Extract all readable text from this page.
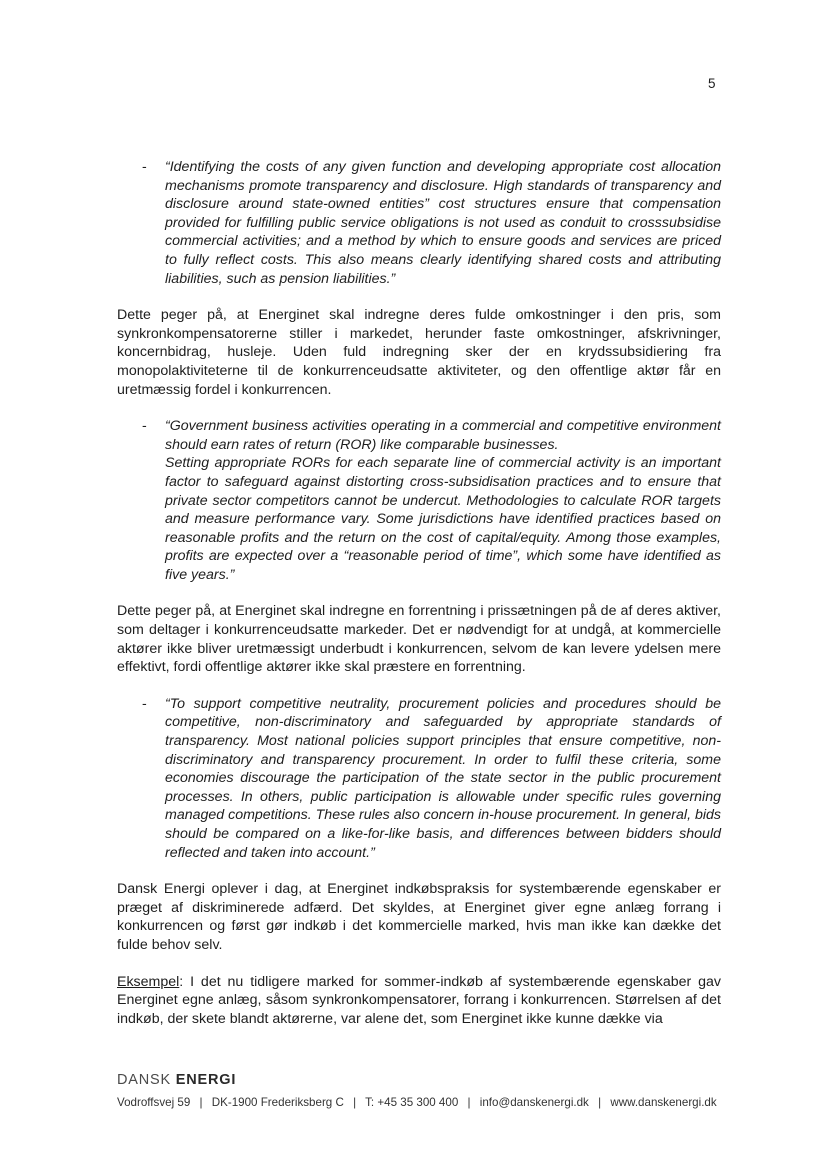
5
-	“Identifying the costs of any given function and developing appropriate cost allocation mechanisms promote transparency and disclosure. High standards of transparency and disclosure around state-owned entities” cost structures ensure that compensation provided for fulfilling public service obligations is not used as conduit to crosssubsidise commercial activities; and a method by which to ensure goods and services are priced to fully reflect costs. This also means clearly identifying shared costs and attributing liabilities, such as pension liabilities.”

Dette peger på, at Energinet skal indregne deres fulde omkostninger i den pris, som synkronkompensatorerne stiller i markedet, herunder faste omkostninger, afskrivninger, koncernbidrag, husleje. Uden fuld indregning sker der en krydssubsidiering fra monopolaktiviteterne til de konkurrenceudsatte aktiviteter, og den offentlige aktør får en uretmæssig fordel i konkurrencen.

-	“Government business activities operating in a commercial and competitive environment should earn rates of return (ROR) like comparable businesses.

Setting appropriate RORs for each separate line of commercial activity is an important factor to safeguard against distorting cross-subsidisation practices and to ensure that private sector competitors cannot be undercut. Methodologies to calculate ROR targets and measure performance vary. Some jurisdictions have identified practices based on reasonable profits and the return on the cost of capital/equity. Among those examples, profits are expected over a “reasonable period of time”, which some have identified as five years.”

Dette peger på, at Energinet skal indregne en forrentning i prissætningen på de af deres aktiver, som deltager i konkurrenceudsatte markeder. Det er nødvendigt for at undgå, at kommercielle aktører ikke bliver uretmæssigt underbudt i konkurrencen, selvom de kan levere ydelsen mere effektivt, fordi offentlige aktører ikke skal præstere en forrentning.

-	“To support competitive neutrality, procurement policies and procedures should be competitive, non-discriminatory and safeguarded by appropriate standards of transparency. Most national policies support principles that ensure competitive, non-discriminatory and transparency procurement. In order to fulfil these criteria, some economies discourage the participation of the state sector in the public procurement processes. In others, public participation is allowable under specific rules governing managed competitions. These rules also concern in-house procurement. In general, bids should be compared on a like-for-like basis, and differences between bidders should reflected and taken into account.”

Dansk Energi oplever i dag, at Energinet indkøbspraksis for systembærende egenskaber er præget af diskriminerede adfærd. Det skyldes, at Energinet giver egne anlæg forrang i konkurrencen og først gør indkøb i det kommercielle marked, hvis man ikke kan dække det fulde behov selv.

Eksempel: I det nu tidligere marked for sommer-indkøb af systembærende egenskaber gav Energinet egne anlæg, såsom synkronkompensatorer, forrang i konkurrencen. Størrelsen af det indkøb, der skete blandt aktørerne, var alene det, som Energinet ikke kunne dække via

DANSK ENERGI
Vodroffsvej 59 | DK-1900 Frederiksberg C | T: +45 35 300 400 | info@danskenergi.dk | www.danskenergi.dk
